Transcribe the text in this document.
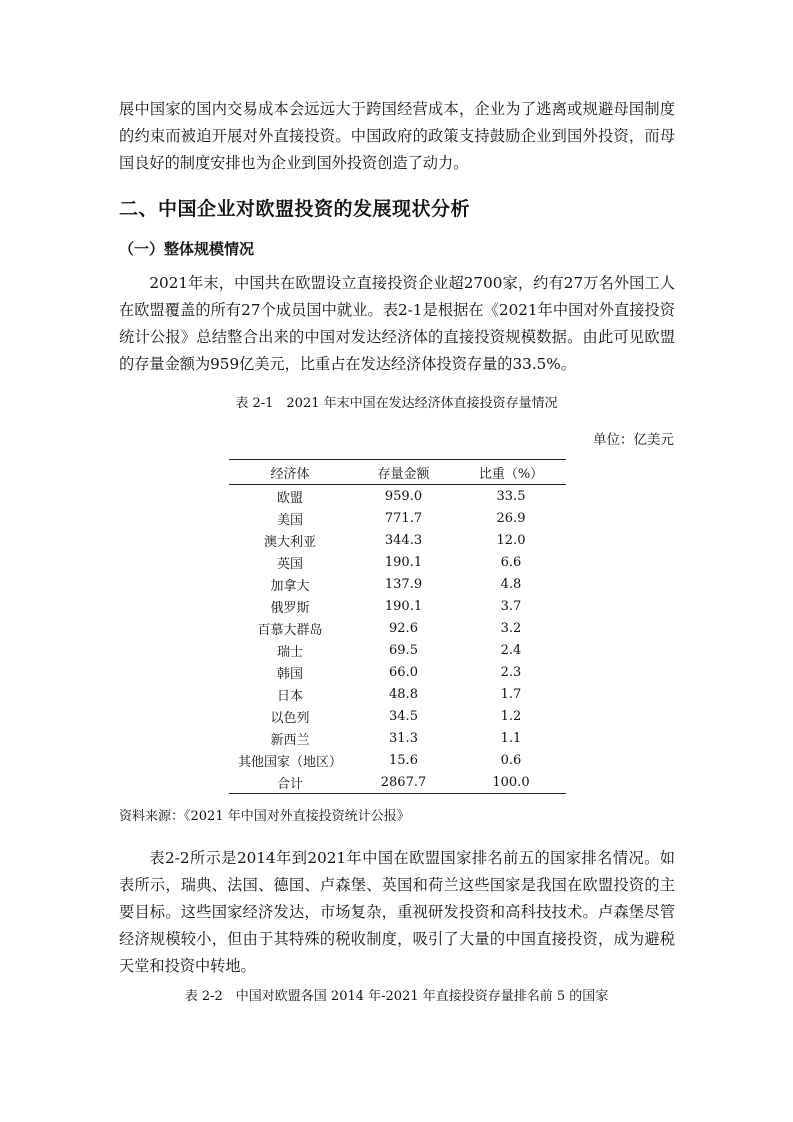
展中国家的国内交易成本会远远大于跨国经营成本，企业为了逃离或规避母国制度的约束而被迫开展对外直接投资。中国政府的政策支持鼓励企业到国外投资，而母国良好的制度安排也为企业到国外投资创造了动力。

二、中国企业对欧盟投资的发展现状分析
（一）整体规模情况

2021年末，中国共在欧盟设立直接投资企业超2700家，约有27万名外国工人在欧盟覆盖的所有27个成员国中就业。表2-1是根据在《2021年中国对外直接投资统计公报》总结整合出来的中国对发达经济体的直接投资规模数据。由此可见欧盟的存量金额为959亿美元，比重占在发达经济体投资存量的33.5%。

表 2-1　2021 年末中国在发达经济体直接投资存量情况

单位：亿美元

经济体	存量金额	比重（%）
欧盟	959.0	33.5
美国	771.7	26.9
澳大利亚	344.3	12.0
英国	190.1	6.6
加拿大	137.9	4.8
俄罗斯	190.1	3.7
百慕大群岛	92.6	3.2
瑞士	69.5	2.4
韩国	66.0	2.3
日本	48.8	1.7
以色列	34.5	1.2
新西兰	31.3	1.1
其他国家（地区）	15.6	0.6
合计	2867.7	100.0

资料来源：《2021 年中国对外直接投资统计公报》

表2-2所示是2014年到2021年中国在欧盟国家排名前五的国家排名情况。如表所示，瑞典、法国、德国、卢森堡、英国和荷兰这些国家是我国在欧盟投资的主要目标。这些国家经济发达，市场复杂，重视研发投资和高科技技术。卢森堡尽管经济规模较小，但由于其特殊的税收制度，吸引了大量的中国直接投资，成为避税天堂和投资中转地。

表 2-2　中国对欧盟各国 2014 年-2021 年直接投资存量排名前 5 的国家
